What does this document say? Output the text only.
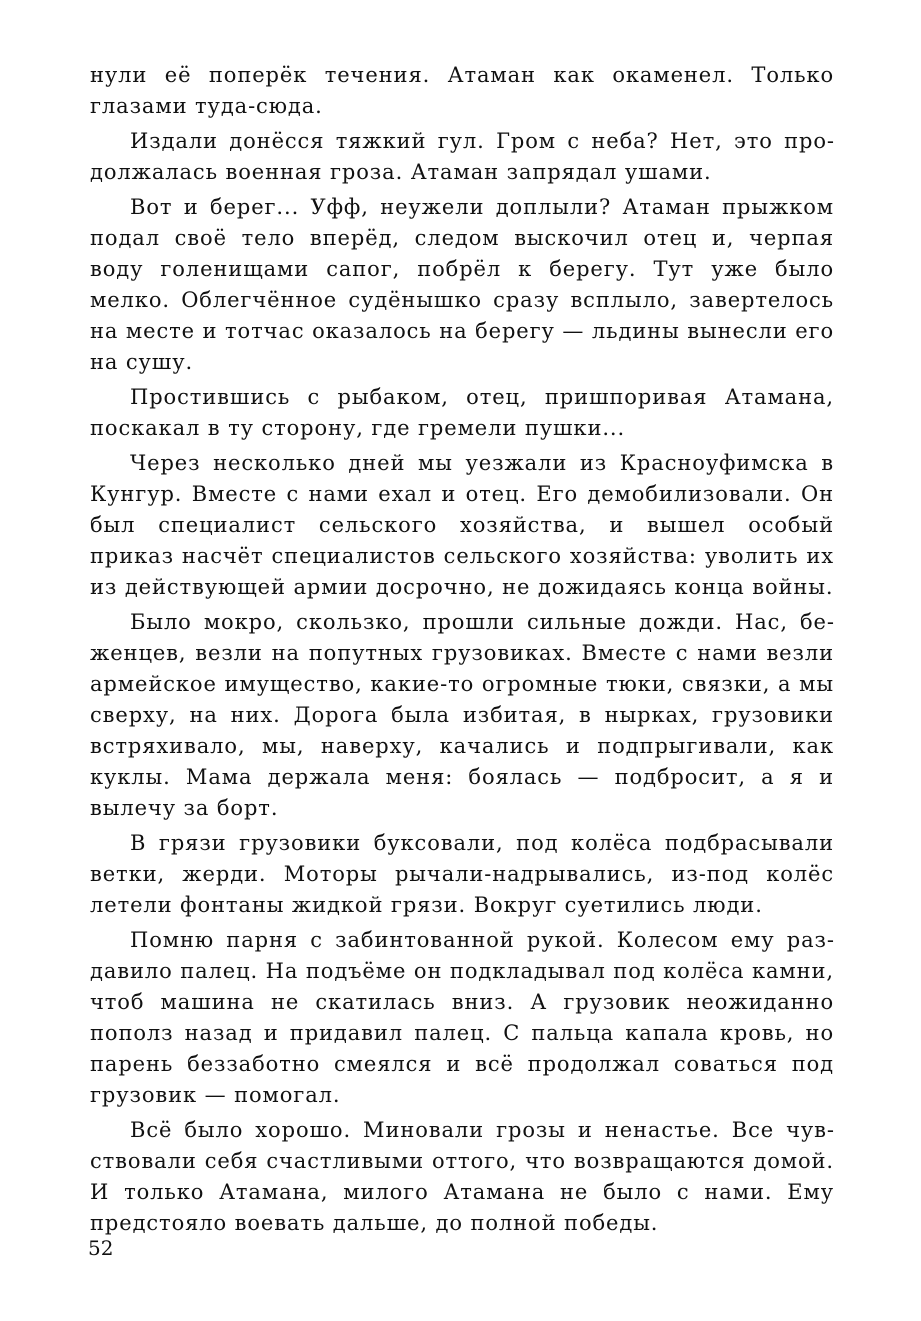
нули её поперёк течения. Атаман как окаменел. Только глазами туда-сюда.

Издали донёсся тяжкий гул. Гром с неба? Нет, это продолжалась военная гроза. Атаман запрядал ушами.

Вот и берег... Уфф, неужели доплыли? Атаман прыжком подал своё тело вперёд, следом выскочил отец и, черпая воду голенищами сапог, побрёл к берегу. Тут уже было мелко. Облегчённое судёнышко сразу всплыло, завертелось на месте и тотчас оказалось на берегу — льдины вынесли его на сушу.

Простившись с рыбаком, отец, пришпоривая Атамана, поскакал в ту сторону, где гремели пушки...

Через несколько дней мы уезжали из Красноуфимска в Кунгур. Вместе с нами ехал и отец. Его демобилизовали. Он был специалист сельского хозяйства, и вышел особый приказ насчёт специалистов сельского хозяйства: уволить их из действующей армии досрочно, не дожидаясь конца войны.

Было мокро, скользко, прошли сильные дожди. Нас, беженцев, везли на попутных грузовиках. Вместе с нами везли армейское имущество, какие-то огромные тюки, связки, а мы сверху, на них. Дорога была избитая, в нырках, грузовики встряхивало, мы, наверху, качались и подпрыгивали, как куклы. Мама держала меня: боялась — подбросит, а я и вылечу за борт.

В грязи грузовики буксовали, под колёса подбрасывали ветки, жерди. Моторы рычали-надрывались, из-под колёс летели фонтаны жидкой грязи. Вокруг суетились люди.

Помню парня с забинтованной рукой. Колесом ему раздавило палец. На подъёме он подкладывал под колёса камни, чтоб машина не скатилась вниз. А грузовик неожиданно пополз назад и придавил палец. С пальца капала кровь, но парень беззаботно смеялся и всё продолжал соваться под грузовик — помогал.

Всё было хорошо. Миновали грозы и ненастье. Все чувствовали себя счастливыми оттого, что возвращаются домой. И только Атамана, милого Атамана не было с нами. Ему предстояло воевать дальше, до полной победы.

52
